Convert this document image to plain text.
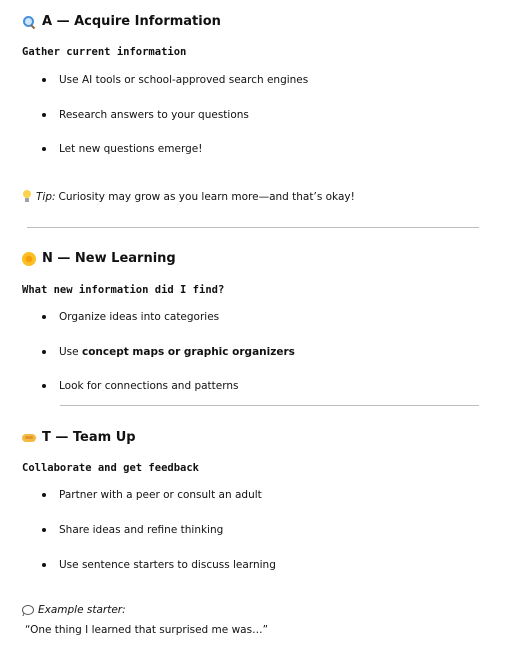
A — Acquire Information
Gather current information
Use AI tools or school-approved search engines
Research answers to your questions
Let new questions emerge!
Tip: Curiosity may grow as you learn more—and that’s okay!
N — New Learning
What new information did I find?
Organize ideas into categories
Use concept maps or graphic organizers
Look for connections and patterns
T — Team Up
Collaborate and get feedback
Partner with a peer or consult an adult
Share ideas and refine thinking
Use sentence starters to discuss learning
Example starter:
“One thing I learned that surprised me was…”
